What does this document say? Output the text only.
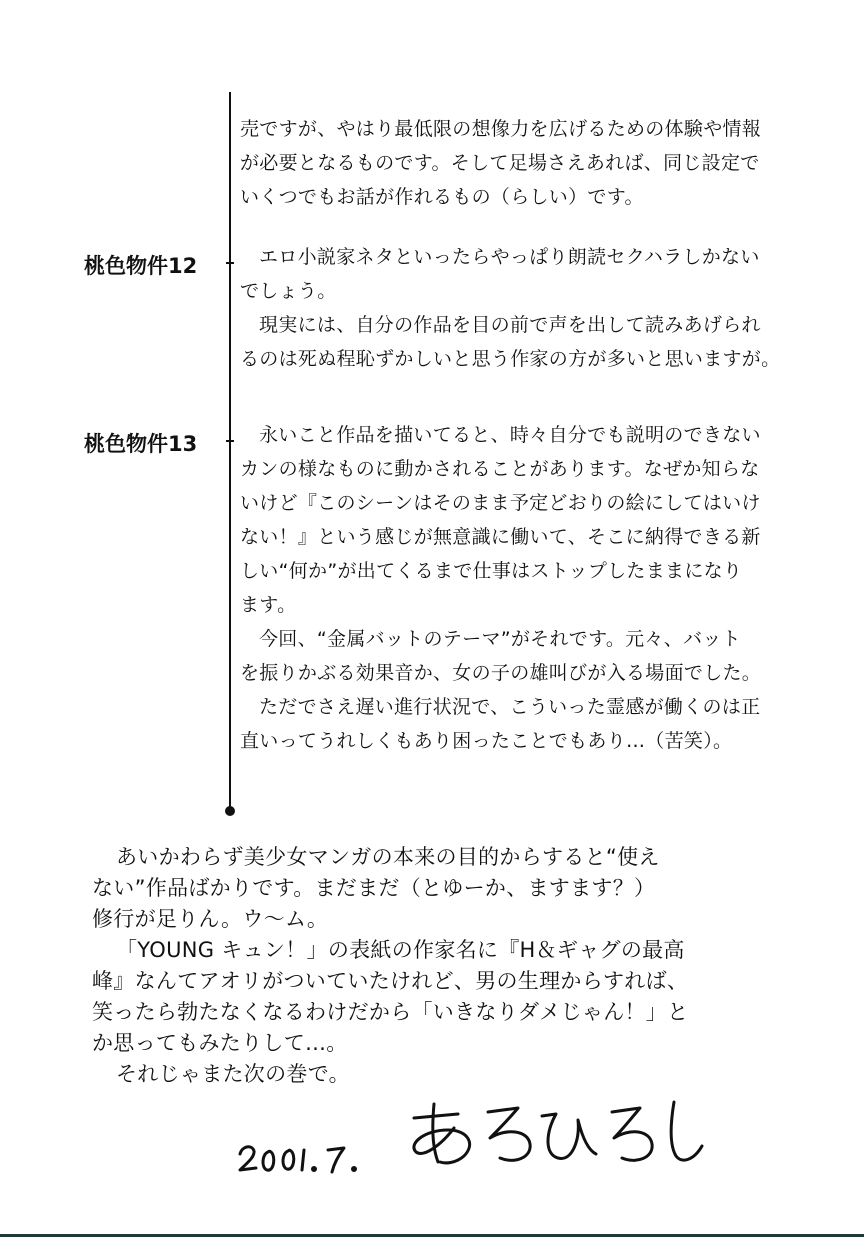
桃色物件12
桃色物件13
売ですが、やはり最低限の想像力を広げるための体験や情報
が必要となるものです。そして足場さえあれば、同じ設定で
いくつでもお話が作れるもの（らしい）です。
エロ小説家ネタといったらやっぱり朗読セクハラしかない
でしょう。
現実には、自分の作品を目の前で声を出して読みあげられ
るのは死ぬ程恥ずかしいと思う作家の方が多いと思いますが。
永いこと作品を描いてると、時々自分でも説明のできない
カンの様なものに動かされることがあります。なぜか知らな
いけど『このシーンはそのまま予定どおりの絵にしてはいけ
ない！』という感じが無意識に働いて、そこに納得できる新
しい“何か”が出てくるまで仕事はストップしたままになり
ます。
今回、“金属バットのテーマ”がそれです。元々、バット
を振りかぶる効果音か、女の子の雄叫びが入る場面でした。
ただでさえ遅い進行状況で、こういった霊感が働くのは正
直いってうれしくもあり困ったことでもあり…（苦笑）。
あいかわらず美少女マンガの本来の目的からすると“使え
ない”作品ばかりです。まだまだ（とゆーか、ますます？）
修行が足りん。ウ～ム。
「YOUNG キュン！」の表紙の作家名に『H＆ギャグの最高
峰』なんてアオリがついていたけれど、男の生理からすれば、
笑ったら勃たなくなるわけだから「いきなりダメじゃん！」と
か思ってもみたりして…。
それじゃまた次の巻で。
